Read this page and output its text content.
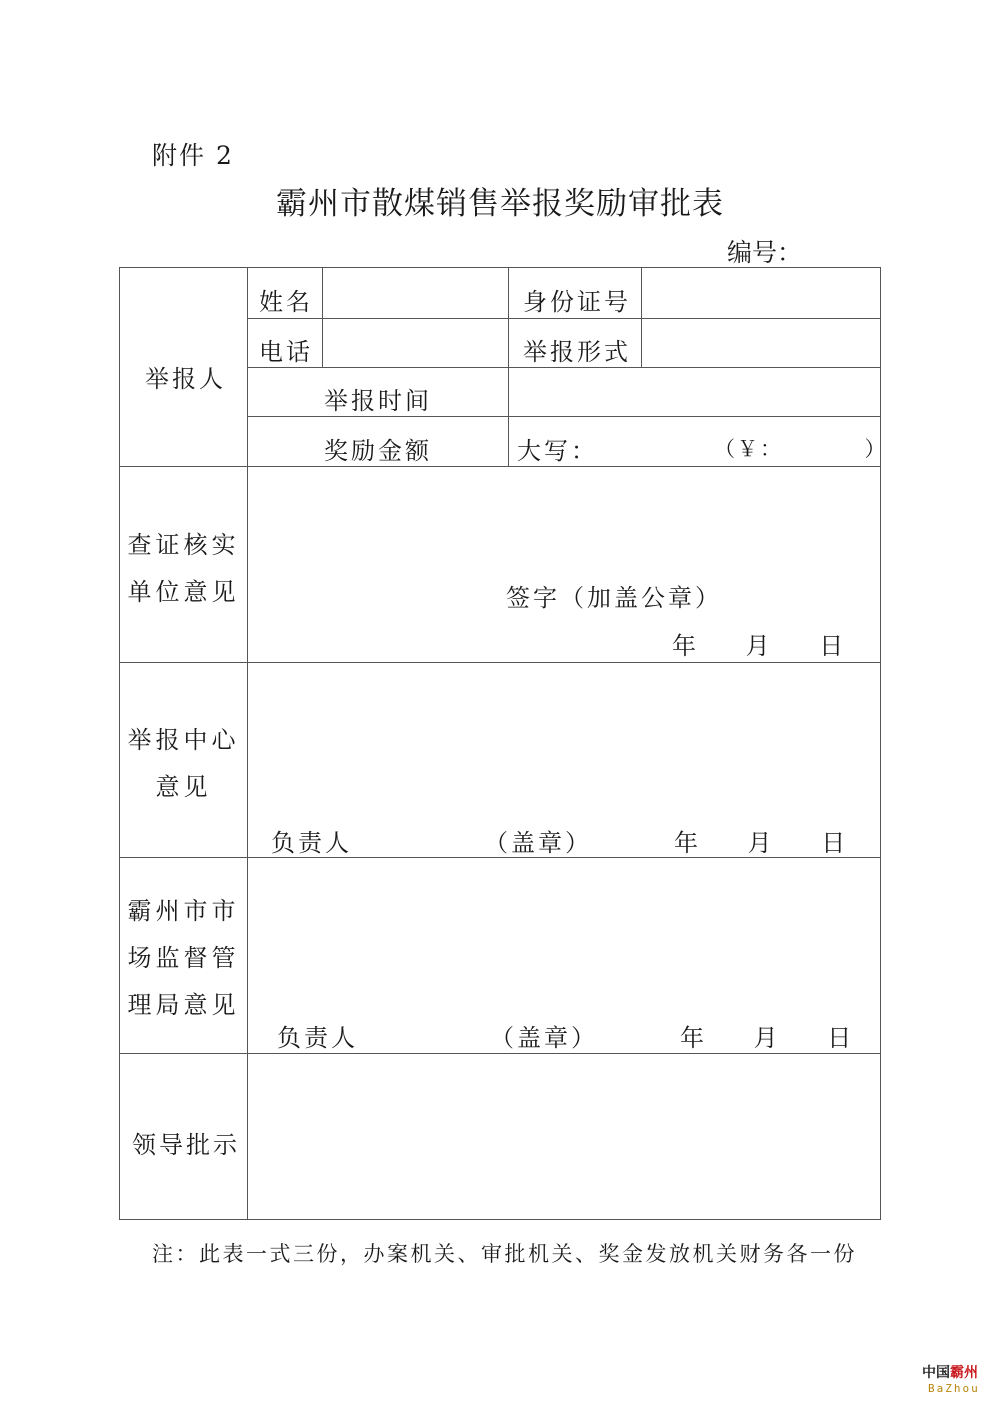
附件 2
霸州市散煤销售举报奖励审批表
编号：
举报人
姓名	身份证号
电话	举报形式
举报时间
奖励金额	大写：	（￥：　　　　）
查证核实
单位意见	签字（加盖公章）
年　 月　 日
举报中心
意见
负责人	（盖章）	年　 月　 日
霸州市市
场监督管
理局意见
负责人	（盖章）	年　 月　 日
领导批示
注：此表一式三份，办案机关、审批机关、奖金发放机关财务各一份
中国霸州
BaZhou
